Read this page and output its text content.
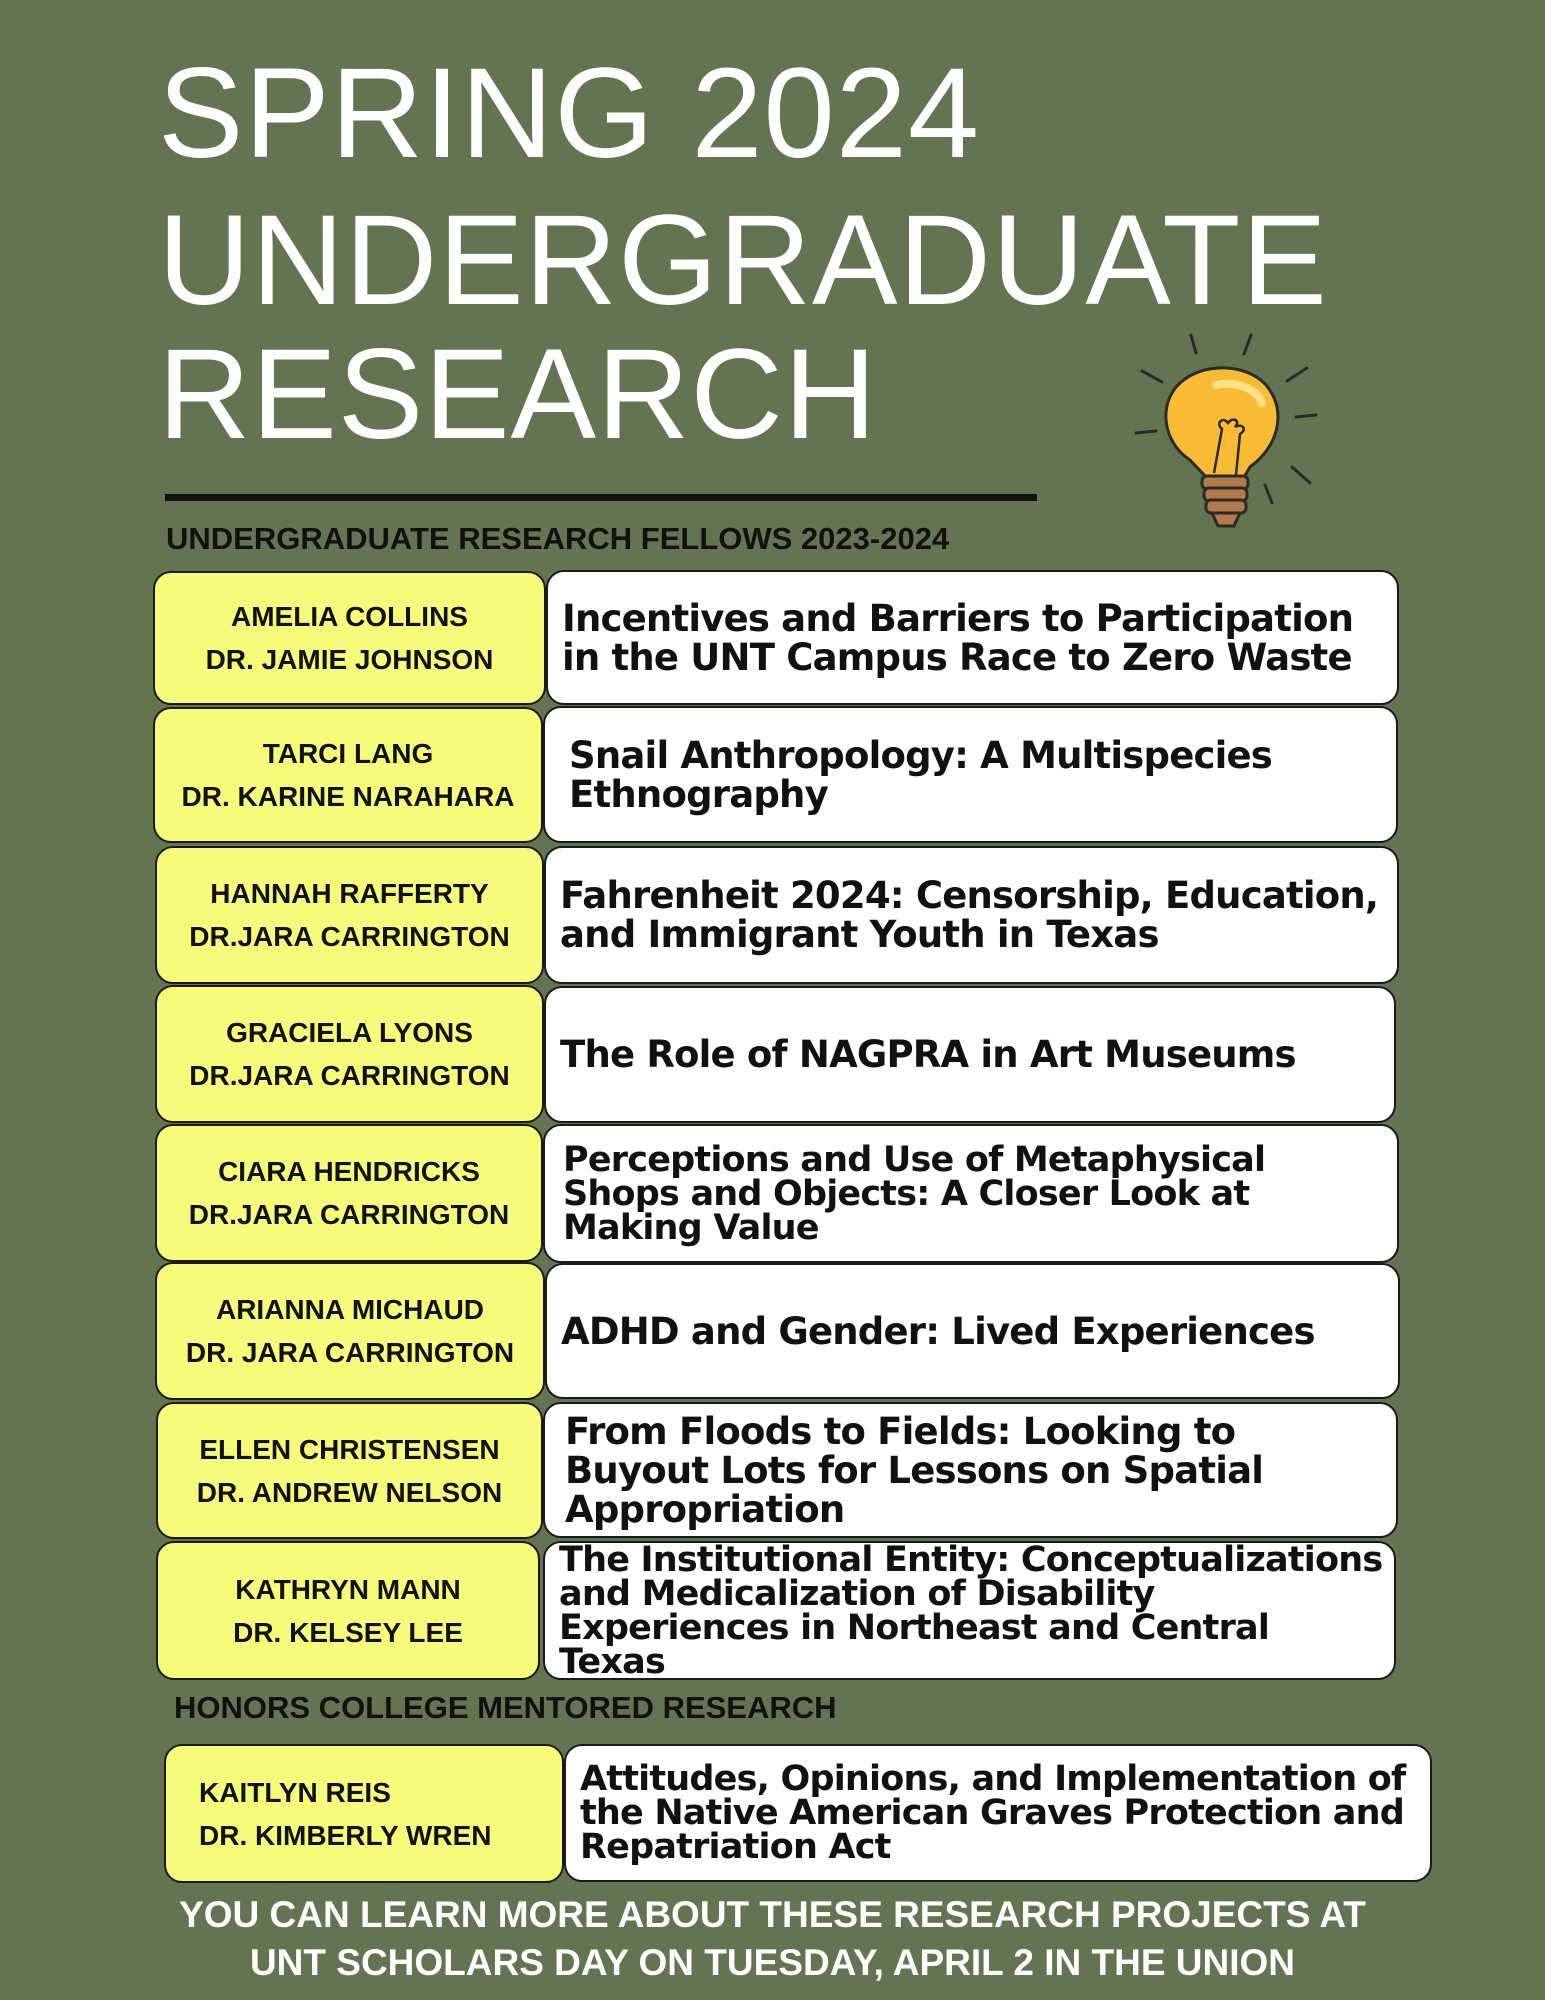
SPRING 2024
UNDERGRADUATE
RESEARCH
UNDERGRADUATE RESEARCH FELLOWS 2023-2024
AMELIA COLLINS
DR. JAMIE JOHNSON
Incentives and Barriers to Participation in the UNT Campus Race to Zero Waste
TARCI LANG
DR. KARINE NARAHARA
Snail Anthropology: A Multispecies Ethnography
HANNAH RAFFERTY
DR.JARA CARRINGTON
Fahrenheit 2024: Censorship, Education, and Immigrant Youth in Texas
GRACIELA LYONS
DR.JARA CARRINGTON The Role of NAGPRA in Art Museums
CIARA HENDRICKS
DR.JARA CARRINGTON
Perceptions and Use of Metaphysical Shops and Objects: A Closer Look at Making Value
ARIANNA MICHAUD
DR. JARA CARRINGTON ADHD and Gender: Lived Experiences
ELLEN CHRISTENSEN
DR. ANDREW NELSON
From Floods to Fields: Looking to Buyout Lots for Lessons on Spatial Appropriation
KATHRYN MANN
DR. KELSEY LEE
The Institutional Entity: Conceptualizations and Medicalization of Disability Experiences in Northeast and Central Texas
HONORS COLLEGE MENTORED RESEARCH
KAITLYN REIS
DR. KIMBERLY WREN
Attitudes, Opinions, and Implementation of the Native American Graves Protection and Repatriation Act
YOU CAN LEARN MORE ABOUT THESE RESEARCH PROJECTS AT
UNT SCHOLARS DAY ON TUESDAY, APRIL 2 IN THE UNION
